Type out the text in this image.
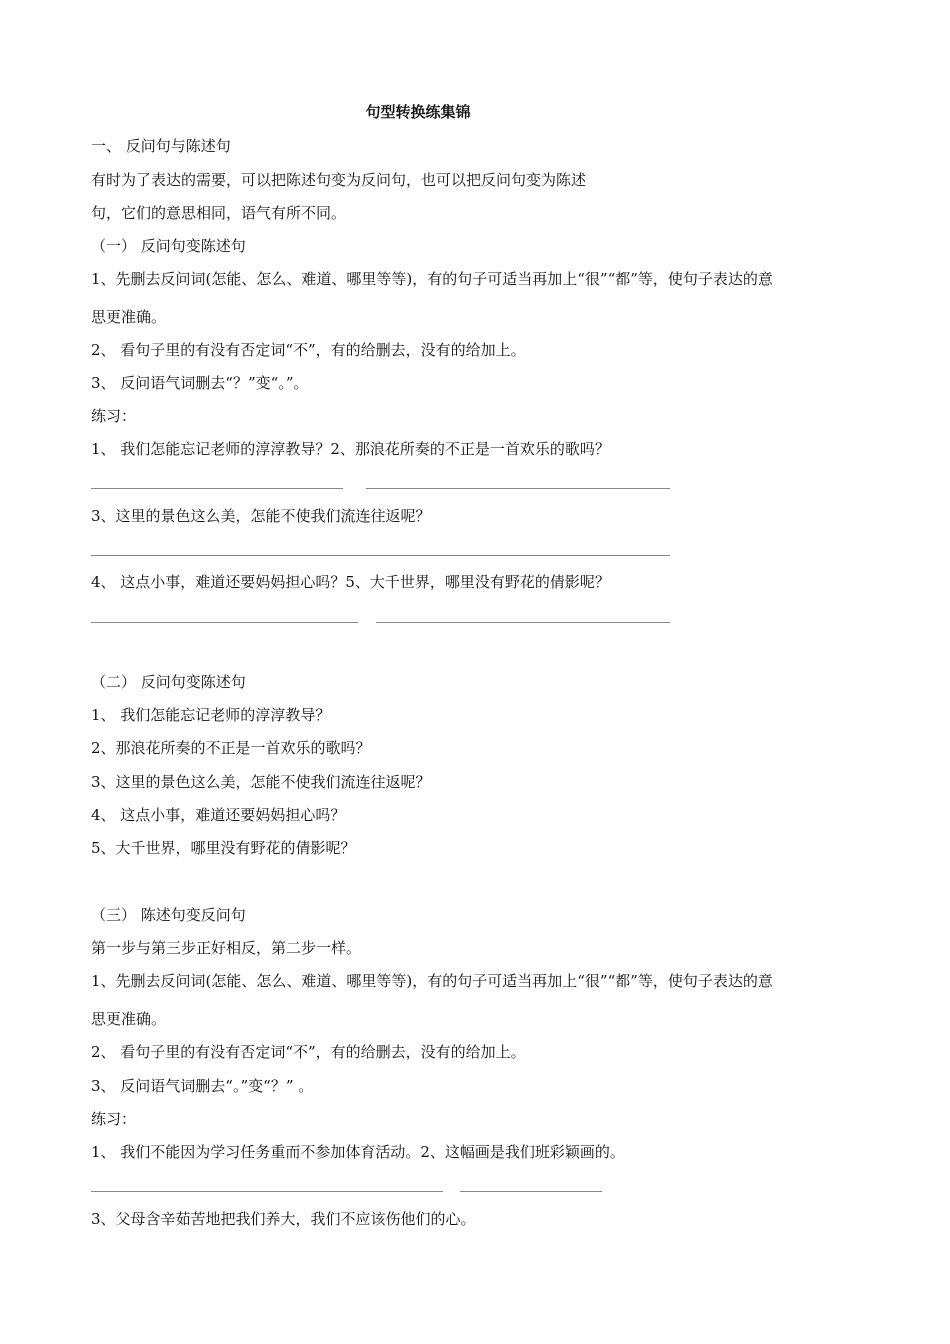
句型转换练集锦
一、 反问句与陈述句
有时为了表达的需要，可以把陈述句变为反问句，也可以把反问句变为陈述
句，它们的意思相同，语气有所不同。
（一） 反问句变陈述句
1、先删去反问词(怎能、怎么、难道、哪里等等)，有的句子可适当再加上“很”“都”等，使句子表达的意
思更准确。
2、 看句子里的有没有否定词“不”，有的给删去，没有的给加上。
3、 反问语气词删去“？”变“。”。
练习：
1、 我们怎能忘记老师的淳淳教导？2、那浪花所奏的不正是一首欢乐的歌吗？
3、这里的景色这么美，怎能不使我们流连往返呢？
4、 这点小事，难道还要妈妈担心吗？5、大千世界，哪里没有野花的倩影呢？
（二） 反问句变陈述句
1、 我们怎能忘记老师的淳淳教导？
2、那浪花所奏的不正是一首欢乐的歌吗？
3、这里的景色这么美，怎能不使我们流连往返呢？
4、 这点小事，难道还要妈妈担心吗？
5、大千世界，哪里没有野花的倩影呢？
（三） 陈述句变反问句
第一步与第三步正好相反，第二步一样。
1、先删去反问词(怎能、怎么、难道、哪里等等)，有的句子可适当再加上“很”“都”等，使句子表达的意
思更准确。
2、 看句子里的有没有否定词“不”，有的给删去，没有的给加上。
3、 反问语气词删去“。”变“？” 。
练习：
1、 我们不能因为学习任务重而不参加体育活动。2、这幅画是我们班彩颖画的。
3、父母含辛茹苦地把我们养大，我们不应该伤他们的心。
